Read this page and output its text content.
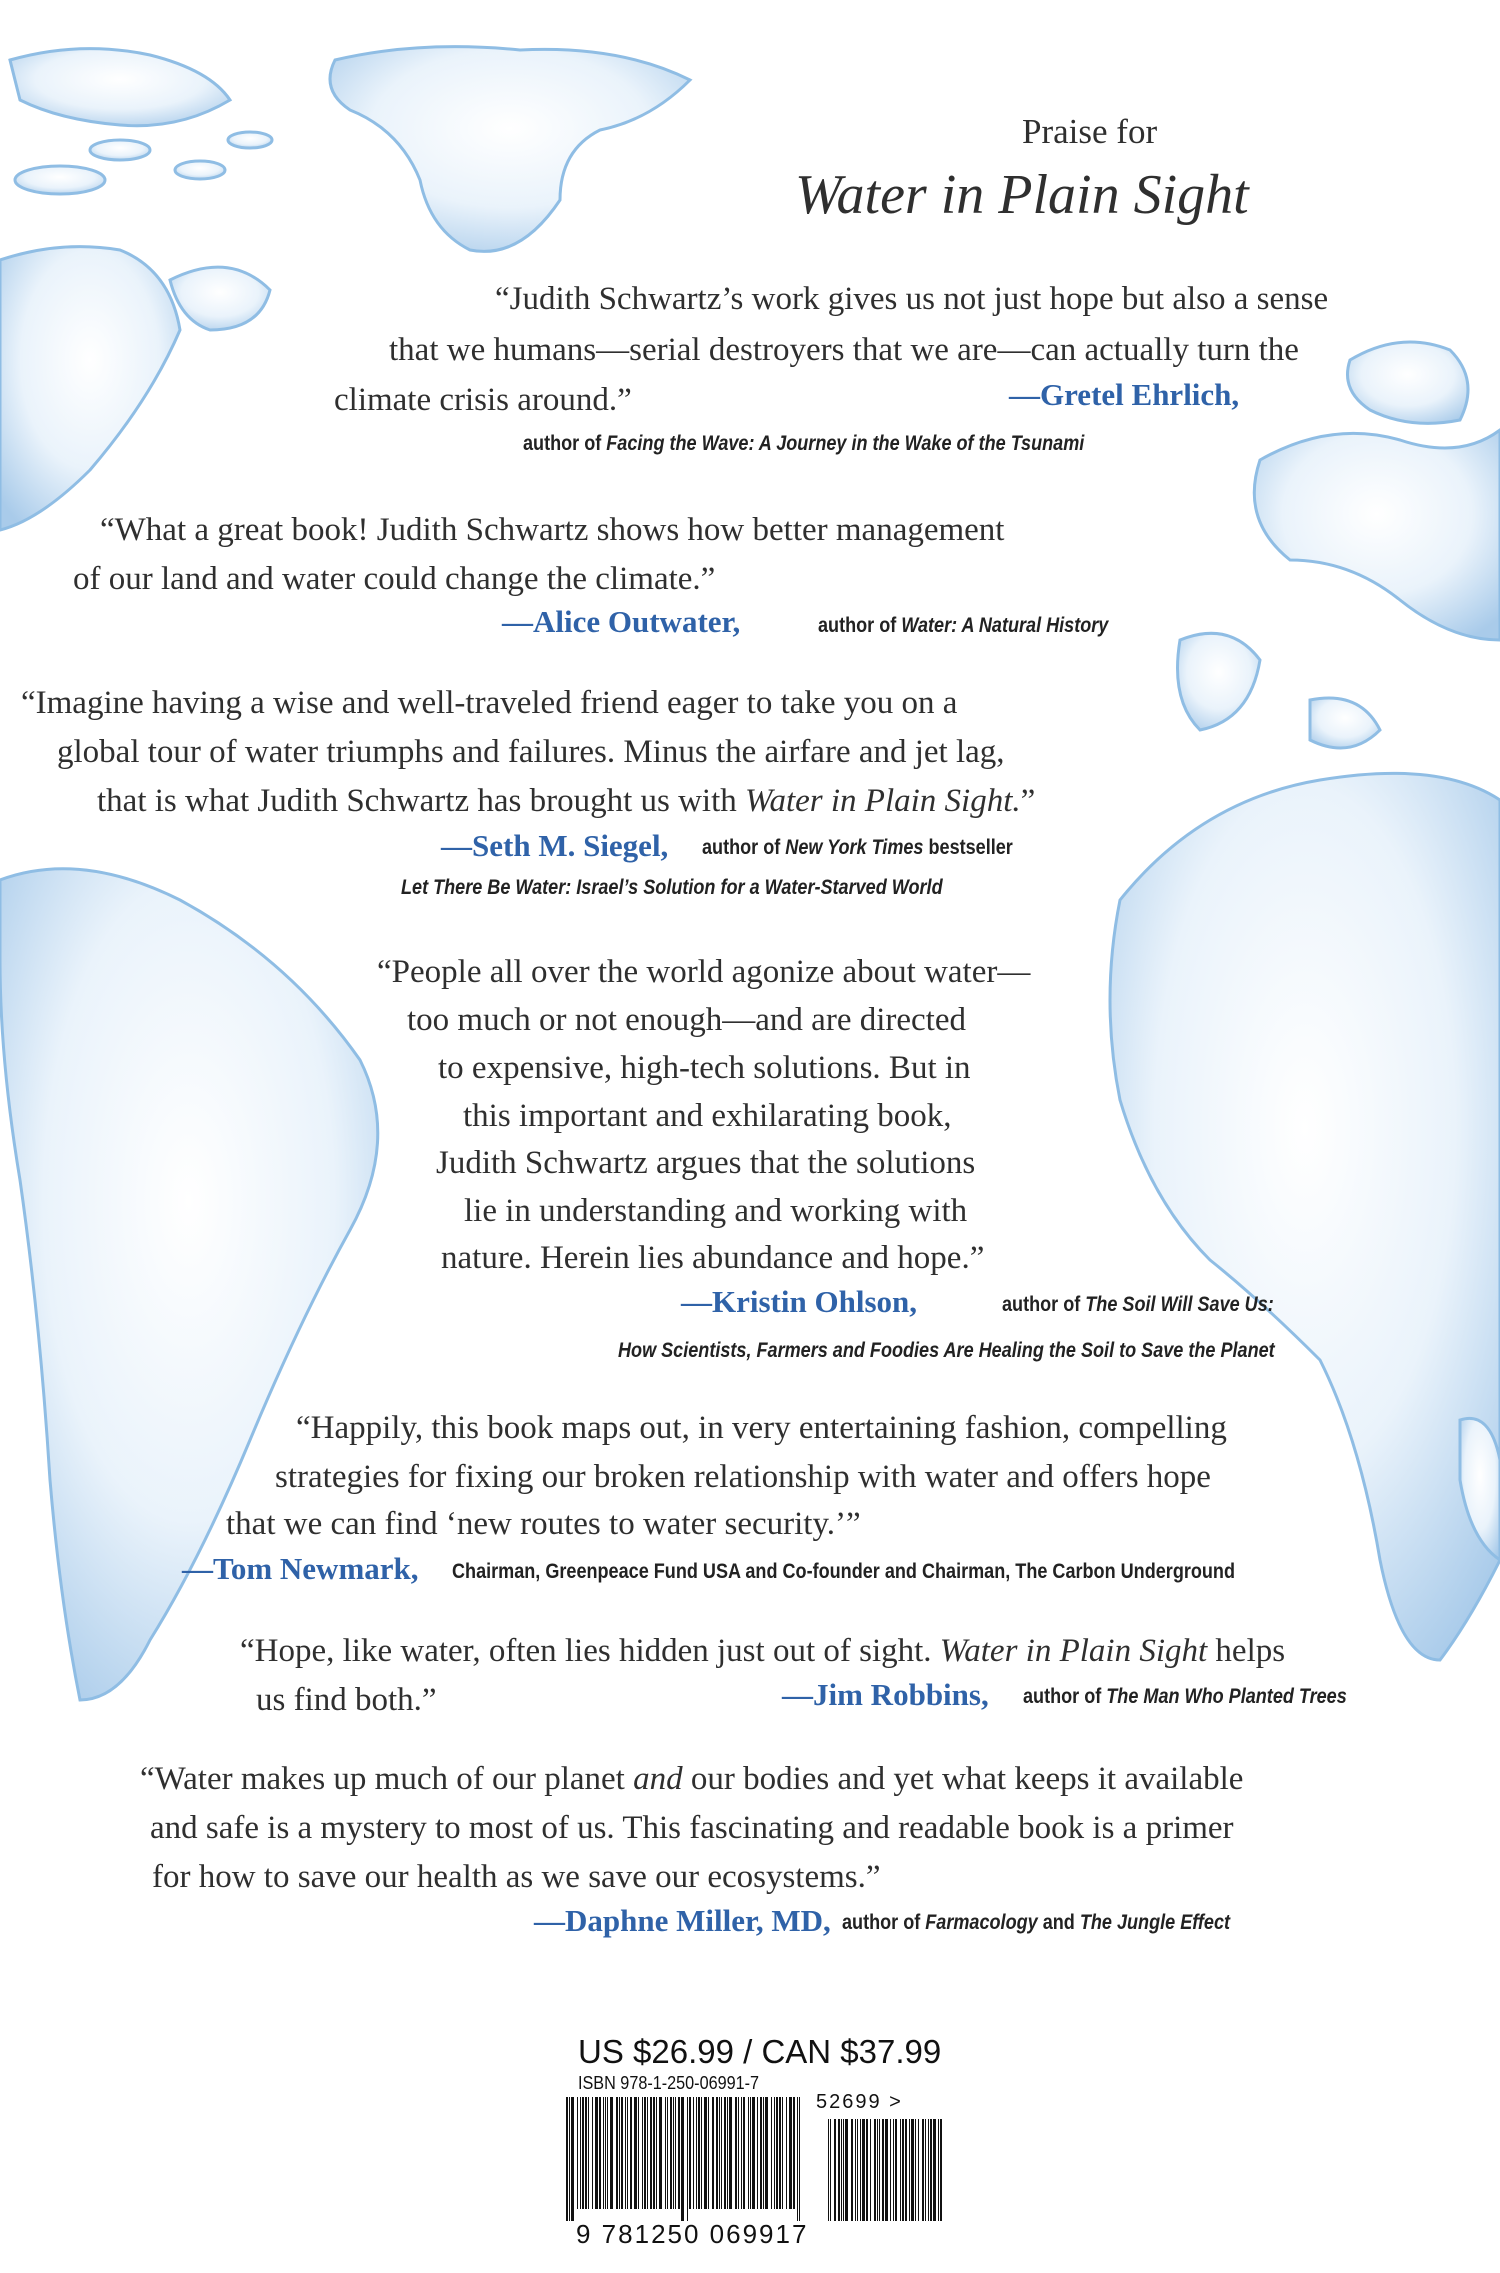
Praise for
Water in Plain Sight
“Judith Schwartz’s work gives us not just hope but also a sense
that we humans—serial destroyers that we are—can actually turn the
climate crisis around.”	—Gretel Ehrlich,
author of Facing the Wave: A Journey in the Wake of the Tsunami
“What a great book! Judith Schwartz shows how better management
of our land and water could change the climate.”
—Alice Outwater,	author of Water: A Natural History
“Imagine having a wise and well-traveled friend eager to take you on a
global tour of water triumphs and failures. Minus the airfare and jet lag,
that is what Judith Schwartz has brought us with Water in Plain Sight.”
—Seth M. Siegel, author of New York Times bestseller
Let There Be Water: Israel’s Solution for a Water-Starved World
“People all over the world agonize about water—
too much or not enough—and are directed
to expensive, high-tech solutions. But in
this important and exhilarating book,
Judith Schwartz argues that the solutions
lie in understanding and working with
nature. Herein lies abundance and hope.”
—Kristin Ohlson,	author of The Soil Will Save Us:
How Scientists, Farmers and Foodies Are Healing the Soil to Save the Planet
“Happily, this book maps out, in very entertaining fashion, compelling
strategies for fixing our broken relationship with water and offers hope
that we can find ‘new routes to water security.’”
—Tom Newmark, Chairman, Greenpeace Fund USA and Co-founder and Chairman, The Carbon Underground
“Hope, like water, often lies hidden just out of sight. Water in Plain Sight helps
us find both.”	—Jim Robbins, author of The Man Who Planted Trees
“Water makes up much of our planet and our bodies and yet what keeps it available
and safe is a mystery to most of us. This fascinating and readable book is a primer
for how to save our health as we save our ecosystems.”
—Daphne Miller, MD, author of Farmacology and The Jungle Effect
US $26.99 / CAN $37.99
ISBN 978-1-250-06991-7
9 781250 069917
52699 >
